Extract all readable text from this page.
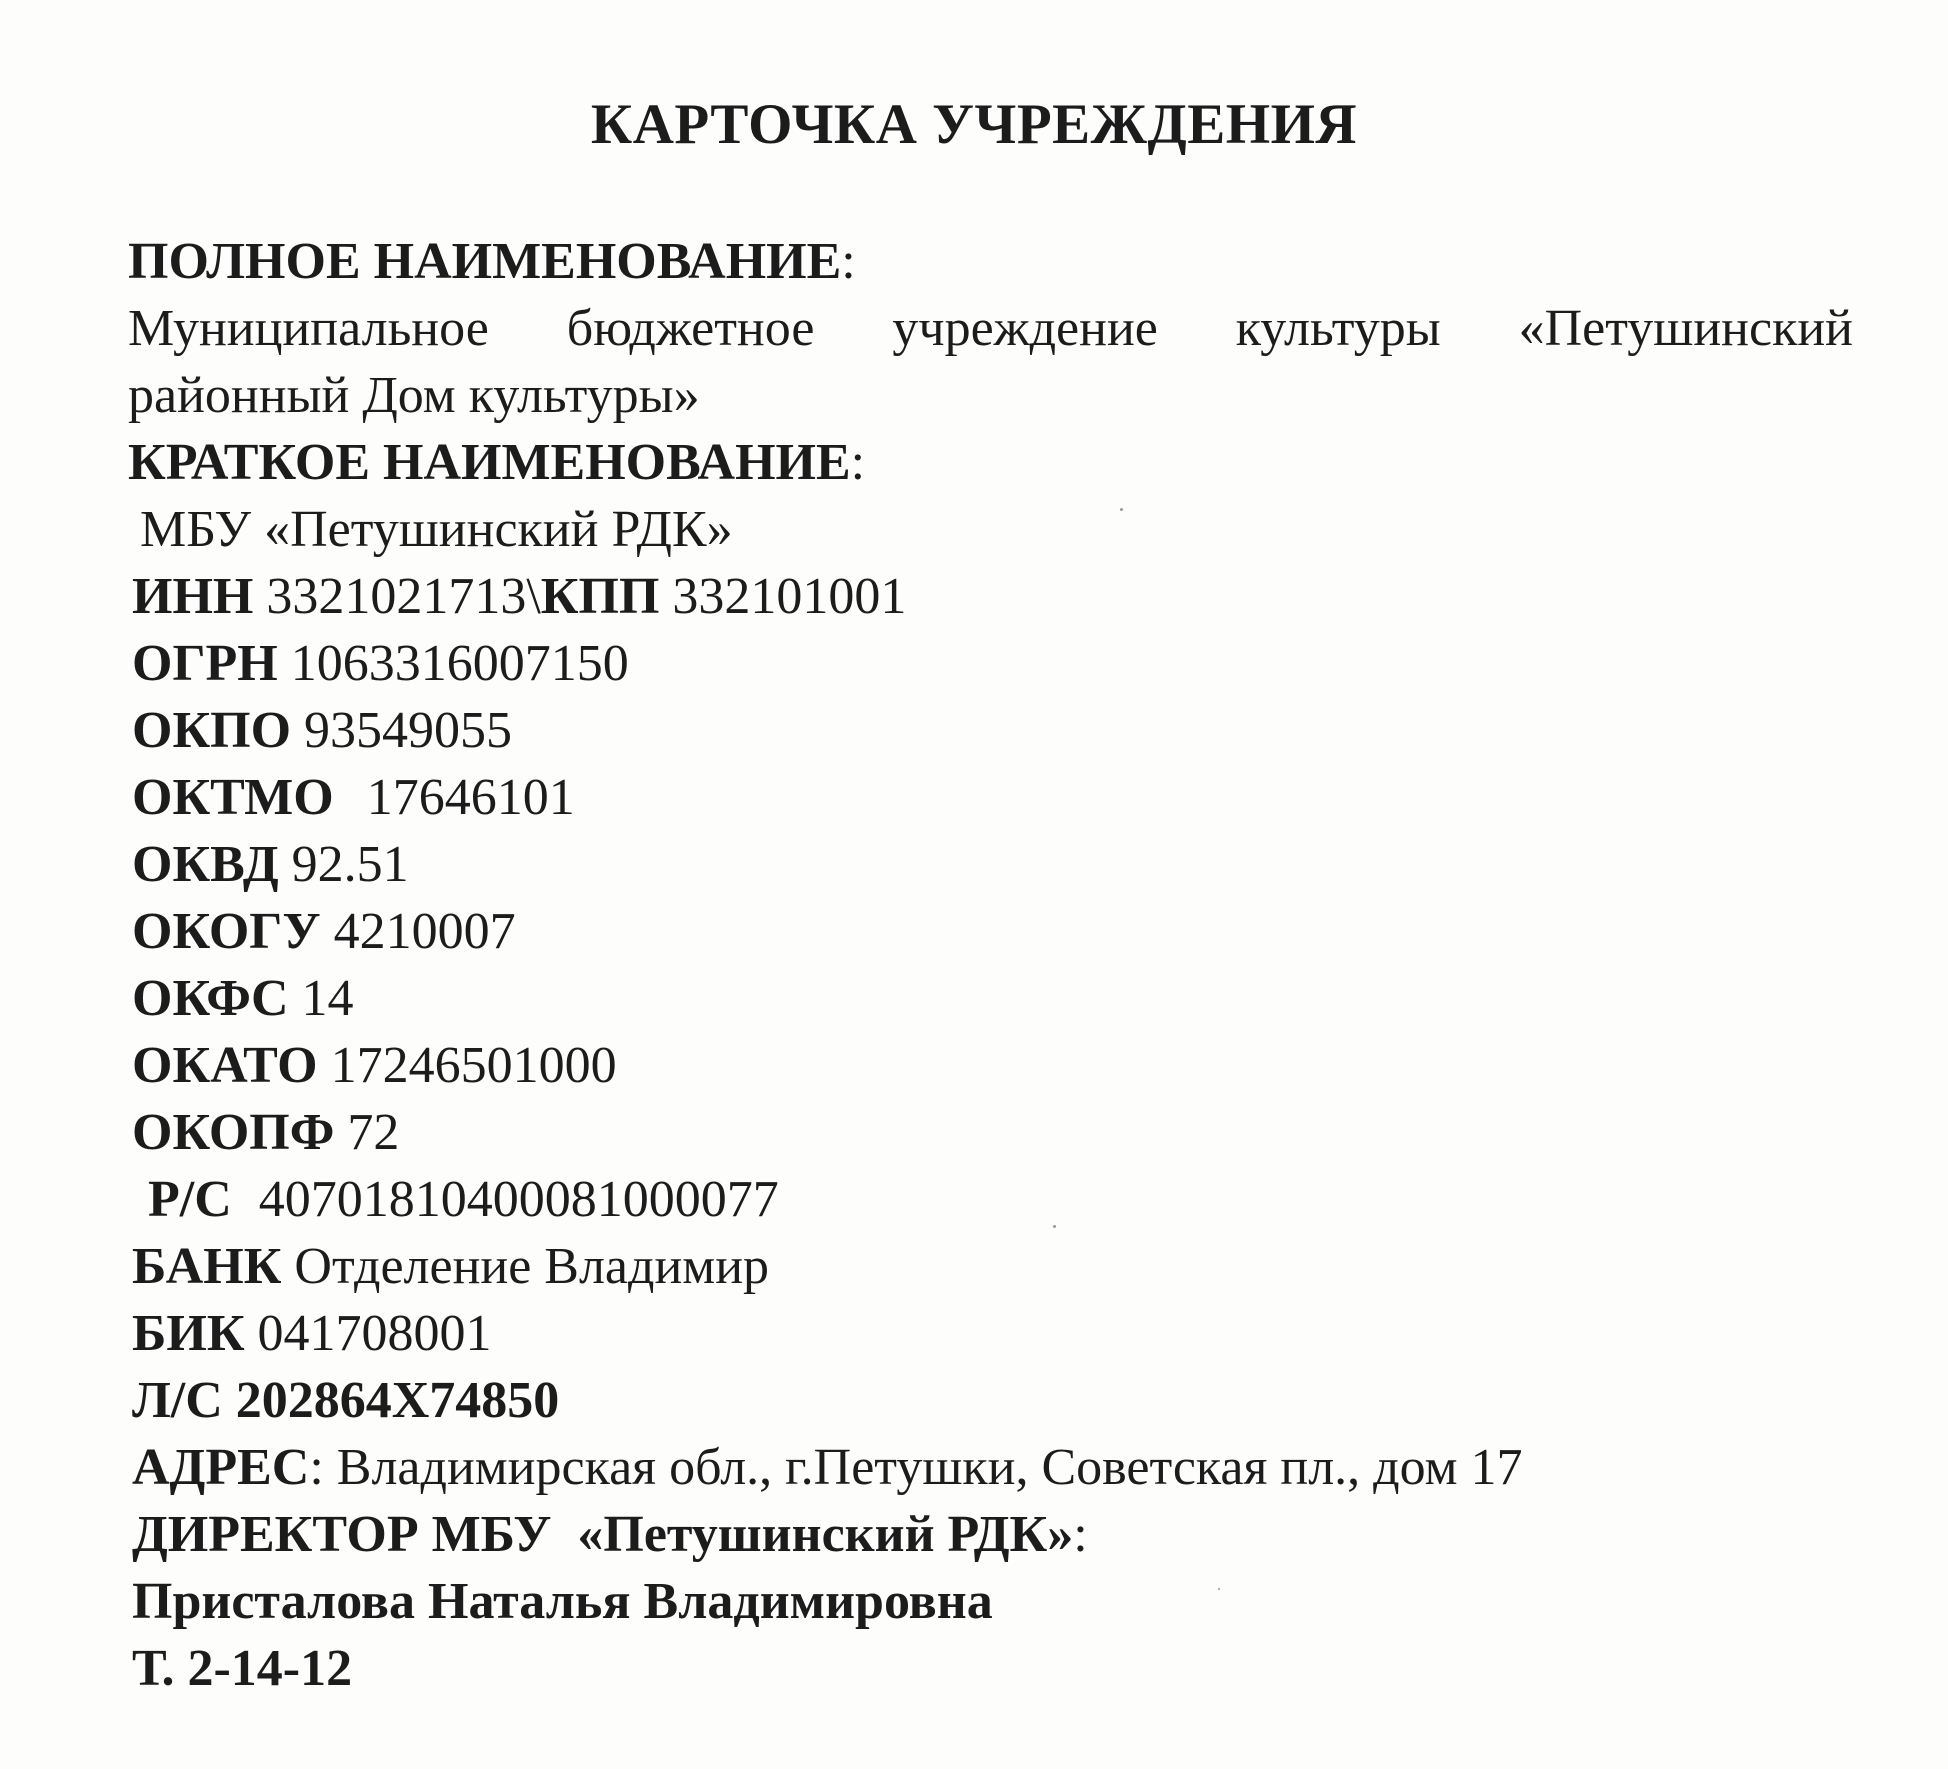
КАРТОЧКА УЧРЕЖДЕНИЯ
ПОЛНОЕ НАИМЕНОВАНИЕ:
Муниципальное бюджетное учреждение культуры «Петушинский
районный Дом культуры»
КРАТКОЕ НАИМЕНОВАНИЕ:
МБУ «Петушинский РДК»
ИНН 3321021713\КПП 332101001
ОГРН 1063316007150
ОКПО 93549055
ОКТМО 17646101
ОКВД 92.51
ОКОГУ 4210007
ОКФС 14
ОКАТО 17246501000
ОКОПФ 72
Р/С 40701810400081000077
БАНК Отделение Владимир
БИК 041708001
Л/С 202864Х74850
АДРЕС: Владимирская обл., г.Петушки, Советская пл., дом 17
ДИРЕКТОР МБУ  «Петушинский РДК»:
Присталова Наталья Владимировна
Т. 2-14-12
